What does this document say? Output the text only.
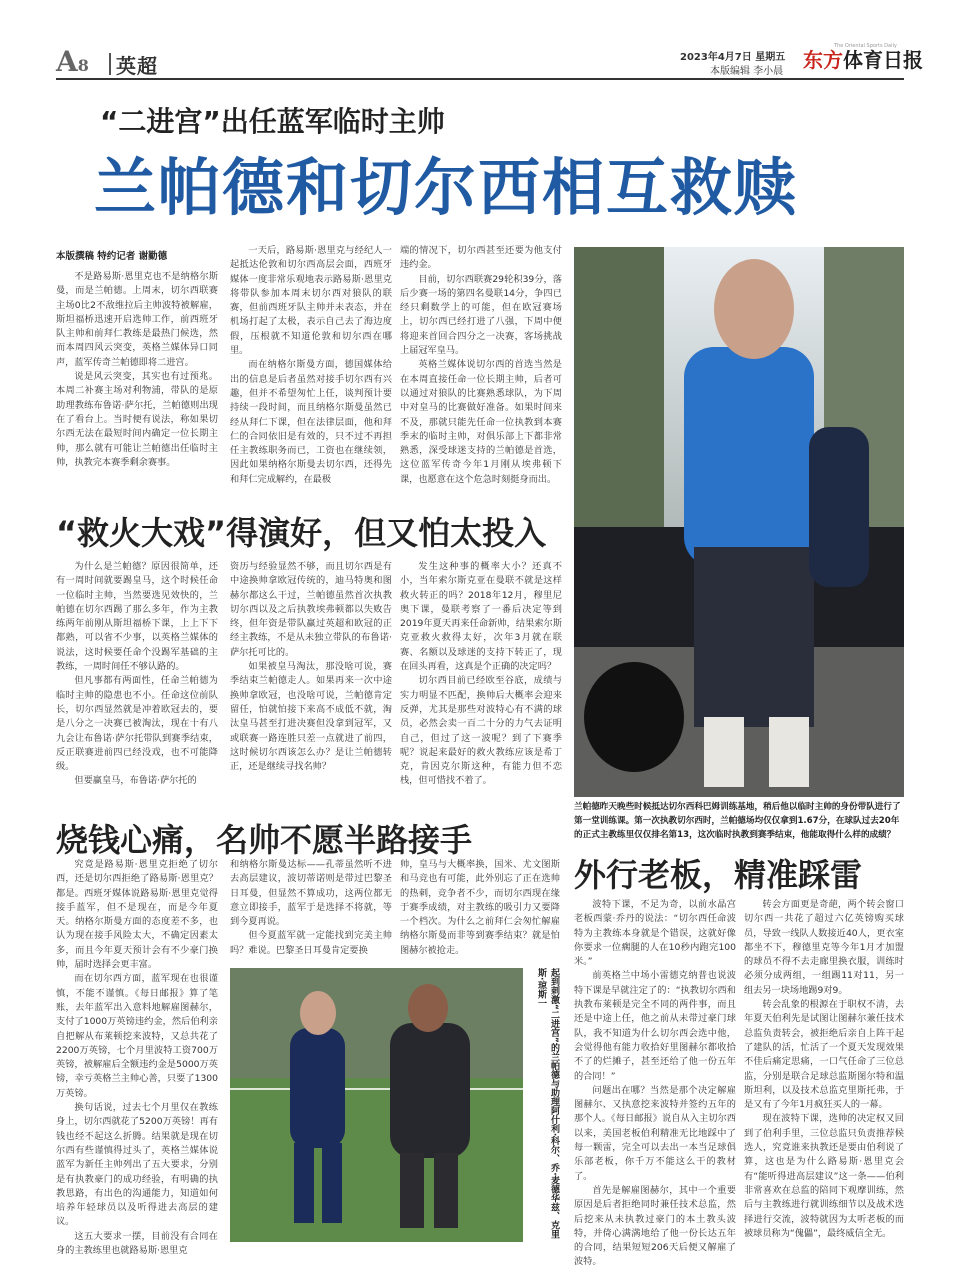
A8 英超	2023年4月7日 星期五
本版编辑 李小晨
The Oriental Sports Daily
东方体育日报
“二进宫”出任蓝军临时主帅
兰帕德和切尔西相互救赎
本版撰稿 特约记者 谢勤德

不是路易斯·恩里克也不是纳格尔斯曼，而是兰帕德。上周末，切尔西联赛主场0比2不敌维拉后主帅波特被解雇，斯坦福桥迅速开启选帅工作，前西班牙队主帅和前拜仁教练是最热门候选，然而本周四风云突变，英格兰媒体异口同声，蓝军传奇兰帕德即将二进宫。

说是风云突变，其实也有过预兆。本周二补赛主场对利物浦，带队的是原助理教练布鲁诺·萨尔托，兰帕德则出现在了看台上。当时便有说法，称如果切尔西无法在最短时间内确定一位长期主帅，那么就有可能让兰帕德出任临时主帅，执教完本赛季剩余赛事。

一天后，路易斯·恩里克与经纪人一起抵达伦敦和切尔西高层会面，西班牙媒体一度非常乐观地表示路易斯·恩里克将带队参加本周末切尔西对狼队的联赛，但前西班牙队主帅并未表态，并在机场打起了太极，表示自己去了海边度假，压根就不知道伦敦和切尔西在哪里。

而在纳格尔斯曼方面，德国媒体给出的信息是后者虽然对接手切尔西有兴趣，但并不希望匆忙上任，谈判预计要持续一段时间，而且纳格尔斯曼虽然已经从拜仁下课，但在法律层面，他和拜仁的合同依旧是有效的，只不过不再担任主教练职务而已，工资也在继续领，因此如果纳格尔斯曼去切尔西，还得先和拜仁完成解约，在最极

端的情况下，切尔西甚至还要为他支付违约金。

目前，切尔西联赛29轮积39分，落后少赛一场的第四名曼联14分，争四已经只剩数学上的可能，但在欧冠赛场上，切尔西已经打进了八强，下周中便将迎来首回合四分之一决赛，客场挑战上届冠军皇马。

英格兰媒体说切尔西的首选当然是在本周直接任命一位长期主帅，后者可以通过对狼队的比赛熟悉球队，为下周中对皇马的比赛做好准备。如果时间来不及，那就只能先任命一位执教到本赛季末的临时主帅，对俱乐部上下都非常熟悉，深受球迷支持的兰帕德是首选，这位蓝军传奇今年1月刚从埃弗顿下课，也愿意在这个危急时刻挺身而出。

兰帕德昨天晚些时候抵达切尔西科巴姆训练基地，稍后他以临时主帅的身份带队进行了第一堂训练课。第一次执教切尔西时，兰帕德场均仅仅拿到1.67分，在球队过去20年的正式主教练里仅仅排名第13，这次临时执教到赛季结束，他能取得什么样的成绩？
“救火大戏”得演好，但又怕太投入

为什么是兰帕德？原因很简单，还有一周时间就要踢皇马，这个时候任命一位临时主帅，当然要选见效快的，兰帕德在切尔西踢了那么多年，作为主教练两年前刚从斯坦福桥下课，上上下下都熟，可以省不少事，以英格兰媒体的说法，这时候要任命个没踢军基础的主教练，一周时间任不够认路的。

但凡事都有两面性，任命兰帕德为临时主帅的隐患也不小。任命这位前队长，切尔西显然就是冲着欧冠去的，要是八分之一决赛已被淘汰，现在十有八九会让布鲁诺·萨尔托带队到赛季结束，反正联赛进前四已经没戏，也不可能降级。

但要赢皇马，布鲁诺·萨尔托的

资历与经验显然不够，而且切尔西是有中途换帅拿欧冠传统的，迪马特奥和图赫尔都这么干过，兰帕德虽然首次执教切尔西以及之后执教埃弗顿都以失败告终，但年资是带队赢过英超和欧冠的正经主教练，不是从未独立带队的布鲁诺·萨尔托可比的。

如果被皇马淘汰，那没啥可说，赛季结束兰帕德走人。如果再来一次中途换帅拿欧冠，也没啥可说，兰帕德肯定留任，怕就怕接下来高不成低不就，淘汰皇马甚至打进决赛但没拿到冠军，又或联赛一路连胜只差一点就进了前四，这时候切尔西该怎么办？是让兰帕德转正，还是继续寻找名帅？

发生这种事的概率大小？还真不小，当年索尔斯克亚在曼联不就是这样救火转正的吗？2018年12月，穆里尼奥下课，曼联考察了一番后决定等到2019年夏天再来任命新帅，结果索尔斯克亚救火救得太好，次年3月就在联赛、名额以及球迷的支持下转正了，现在回头再看，这真是个正确的决定吗？

切尔西目前已经欧至谷底，成绩与实力明显不匹配，换帅后大概率会迎来反弹，尤其是那些对波特心有不满的球员，必然会卖一百二十分的力气去证明自己，但过了这一波呢？到了下赛季呢？说起来最好的救火教练应该是希丁克，肯因克尔斯这种，有能力但不恋栈，但可惜找不着了。

烧钱心痛，名帅不愿半路接手

究竟是路易斯·恩里克拒绝了切尔西，还是切尔西拒绝了路易斯·恩里克？都是。西班牙媒体说路易斯·恩里克觉得接手蓝军，但不是现在，而是今年夏天。纳格尔斯曼方面的态度差不多，也认为现在接手风险太大，不确定因素太多，而且今年夏天预计会有不少豪门换帅，届时选择会更丰富。

而在切尔西方面，蓝军现在也很谨慎，不能不谨慎。《每日邮报》算了笔账，去年蓝军出入意料地解雇图赫尔，支付了1000万英镑违约金，然后伯利亲自把解从布莱顿挖来波特，又总共花了2200万英镑，七个月里波特工资700万英镑，被解雇后全额违约金是5000万英镑，幸亏英格兰主帅心善，只要了1300万英镑。

换句话说，过去七个月里仅在教练身上，切尔西就花了5200万英镑！再有钱也经不起这么折腾。结果就是现在切尔西有些谨慎得过头了，英格兰媒体说蓝军为新任主帅列出了五大要求，分别是有执教豪门的成功经验，有明确的执教思路，有出色的沟通能力，知道如何培养年轻球员以及听得进去高层的建议。

这五大要求一摆，目前没有合同在身的主教练里也就路易斯·恩里克

和纳格尔斯曼达标——孔蒂虽然听不进去高层建议，波切蒂诺则是带过巴黎圣日耳曼，但显然不算成功，这两位都无意立即接手，蓝军于是选择不将就，等到今夏再说。

但今夏蓝军就一定能找到完美主帅吗？难说。巴黎圣日耳曼肯定要换

帅，皇马与大概率换，国米、尤文图斯和马竞也有可能，此外别忘了正在选帅的热刺，竞争者不少，而切尔西现在缘于赛季成绩，对主教练的吸引力又要降一个档次。为什么之前拜仁会匆忙解雇纳格尔斯曼而非等到赛季结束？就是怕图赫尔被抢走。

起到刺激“二进宫”的兰帕德与助理阿什利·科尔、乔·麦德华兹、克里斯·琼斯一
外行老板，精准踩雷

波特下课，不足为奇，以前水晶宫老板西蒙·乔丹的说法：“切尔西任命波特为主教练本身就是个错误，这就好像你要求一位瘸腿的人在10秒内跑完100米。”

前英格兰中场小雷德克纳普也说波特下课是早就注定了的：“执教切尔西和执教布莱顿是完全不同的两件事，而且还是中途上任，他之前从未带过豪门球队，我不知道为什么切尔西会选中他，会觉得他有能力收拾好里图赫尔都收拾不了的烂摊子，甚至还给了他一份五年的合同！”

问题出在哪？当然是那个决定解雇图赫尔、又执意挖来波特并签约五年的那个人。《每日邮报》说自从入主切尔西以来，美国老板伯利精准无比地踩中了每一颗雷，完全可以去出一本当足球俱乐部老板，你千万不能这么干的教材了。

首先是解雇图赫尔，其中一个重要原因是后者拒绝同时兼任技术总监，然后挖来从未执教过豪门的本土教头波特，并倚心满满地给了他一份长达五年的合同，结果短短206天后便又解雇了波特。

转会方面更是奇葩，两个转会窗口切尔西一共花了超过六亿英镑购买球员，导致一线队人数接近40人，更衣室都坐不下，穆德里克等今年1月才加盟的球员不得不去走廊里换衣服，训练时必须分成两组，一组踢11对11，另一组去另一块场地踢9对9。

转会乱象的根源在于职权不清，去年夏天伯利先是试图让图赫尔兼任技术总监负责转会，被拒绝后亲自上阵干起了建队的活，忙活了一个夏天发现效果不佳后痛定思痛，一口气任命了三位总监，分别是联合足球总监斯图尔特和温斯坦利，以及技术总监克里斯托弗，于是又有了今年1月疯狂买人的一幕。

现在波特下课，选帅的决定权又回到了伯利手里，三位总监只负责推荐候选人，究竟谁来执教还是要由伯利说了算，这也是为什么路易斯·恩里克会有“能听得进高层建议”这一条——伯利非常喜欢在总监的陪同下观摩训练，然后与主教练进行就训练细节以及战术选择进行交流，波特就因为太听老板的而被球员称为“傀儡”，最终威信全无。
